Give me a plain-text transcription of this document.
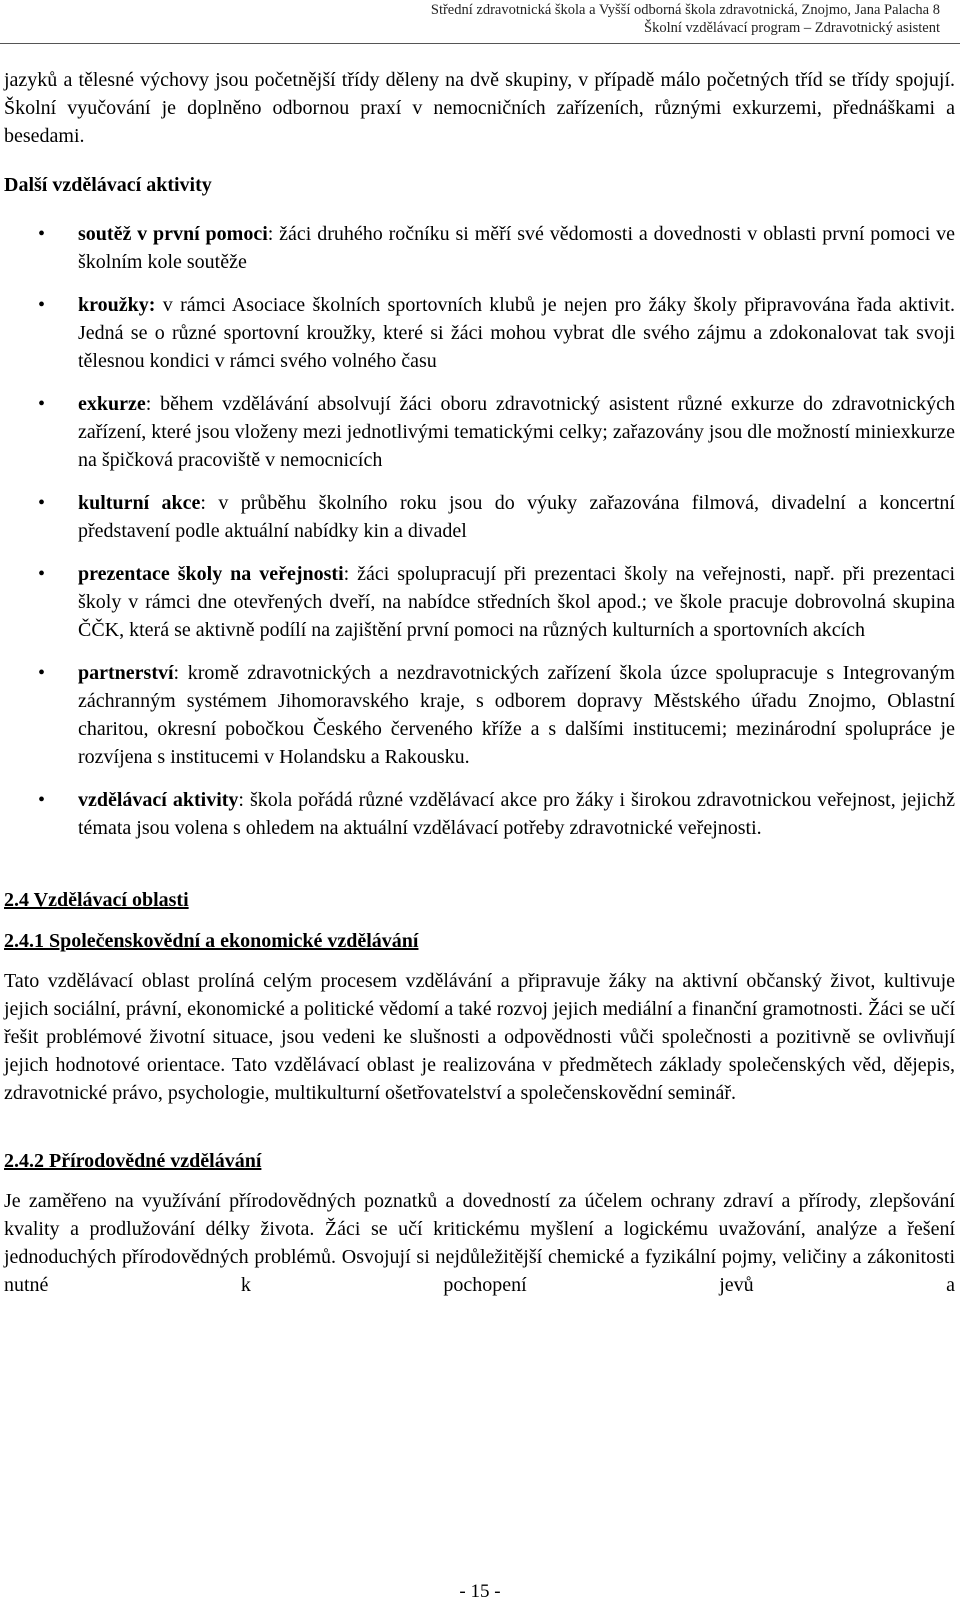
Střední zdravotnická škola a Vyšší odborná škola zdravotnická, Znojmo, Jana Palacha 8
Školní vzdělávací program – Zdravotnický asistent

jazyků a tělesné výchovy jsou početnější třídy děleny na dvě skupiny, v případě málo početných tříd se třídy spojují. Školní vyučování je doplněno odbornou praxí v nemocničních zařízeních, různými exkurzemi, přednáškami a besedami.

Další vzdělávací aktivity
• soutěž v první pomoci: žáci druhého ročníku si měří své vědomosti a dovednosti v oblasti první pomoci ve školním kole soutěže
• kroužky: v rámci Asociace školních sportovních klubů je nejen pro žáky školy připravována řada aktivit. Jedná se o různé sportovní kroužky, které si žáci mohou vybrat dle svého zájmu a zdokonalovat tak svoji tělesnou kondici v rámci svého volného času
• exkurze: během vzdělávání absolvují žáci oboru zdravotnický asistent různé exkurze do zdravotnických zařízení, které jsou vloženy mezi jednotlivými tematickými celky; zařazovány jsou dle možností miniexkurze na špičková pracoviště v nemocnicích
• kulturní akce: v průběhu školního roku jsou do výuky zařazována filmová, divadelní a koncertní představení podle aktuální nabídky kin a divadel
• prezentace školy na veřejnosti: žáci spolupracují při prezentaci školy na veřejnosti, např. při prezentaci školy v rámci dne otevřených dveří, na nabídce středních škol apod.; ve škole pracuje dobrovolná skupina ČČK, která se aktivně podílí na zajištění první pomoci na různých kulturních a sportovních akcích
• partnerství: kromě zdravotnických a nezdravotnických zařízení škola úzce spolupracuje s Integrovaným záchranným systémem Jihomoravského kraje, s odborem dopravy Městského úřadu Znojmo, Oblastní charitou, okresní pobočkou Českého červeného kříže a s dalšími institucemi; mezinárodní spolupráce je rozvíjena s institucemi v Holandsku a Rakousku.
• vzdělávací aktivity: škola pořádá různé vzdělávací akce pro žáky i širokou zdravotnickou veřejnost, jejichž témata jsou volena s ohledem na aktuální vzdělávací potřeby zdravotnické veřejnosti.
2.4 Vzdělávací oblasti
2.4.1 Společenskovědní a ekonomické vzdělávání

Tato vzdělávací oblast prolíná celým procesem vzdělávání a připravuje žáky na aktivní občanský život, kultivuje jejich sociální, právní, ekonomické a politické vědomí a také rozvoj jejich mediální a finanční gramotnosti. Žáci se učí řešit problémové životní situace, jsou vedeni ke slušnosti a odpovědnosti vůči společnosti a pozitivně se ovlivňují jejich hodnotové orientace. Tato vzdělávací oblast je realizována v předmětech základy společenských věd, dějepis, zdravotnické právo, psychologie, multikulturní ošetřovatelství a společenskovědní seminář.

2.4.2 Přírodovědné vzdělávání

Je zaměřeno na využívání přírodovědných poznatků a dovedností za účelem ochrany zdraví a přírody, zlepšování kvality a prodlužování délky života. Žáci se učí kritickému myšlení a logickému uvažování, analýze a řešení jednoduchých přírodovědných problémů. Osvojují si nejdůležitější chemické a fyzikální pojmy, veličiny a zákonitosti nutné k pochopení jevů a

- 15 -
